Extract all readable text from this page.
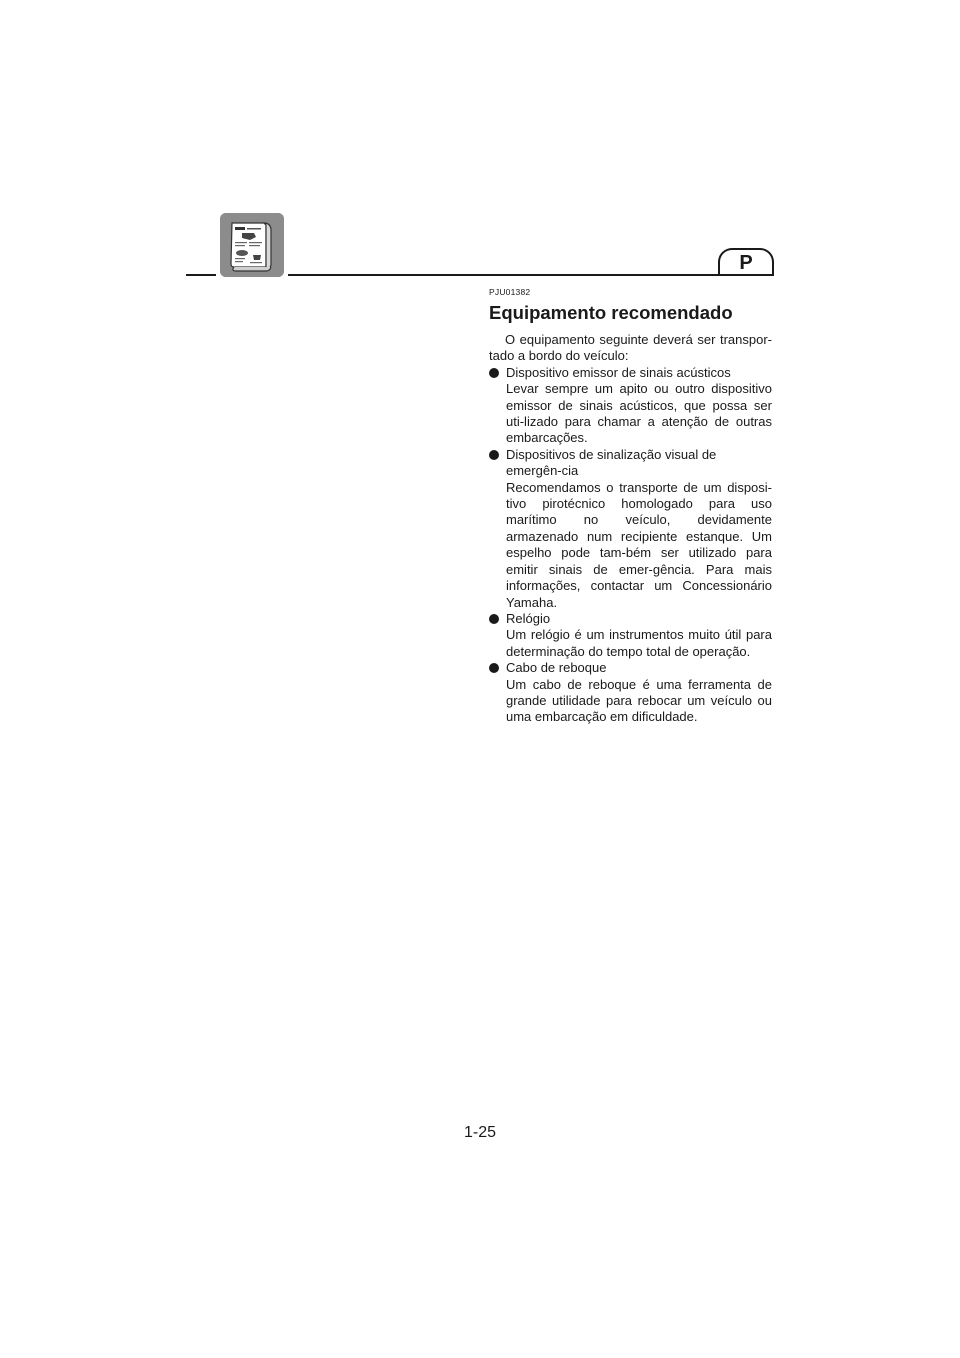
P
PJU01382
Equipamento recomendado
O equipamento seguinte deverá ser transpor-tado a bordo do veículo:
Dispositivo emissor de sinais acústicos
Levar sempre um apito ou outro dispositivo emissor de sinais acústicos, que possa ser uti-lizado para chamar a atenção de outras embarcações.
Dispositivos de sinalização visual de emergên-cia
Recomendamos o transporte de um disposi-tivo pirotécnico homologado para uso marítimo no veículo, devidamente armazenado num recipiente estanque. Um espelho pode tam-bém ser utilizado para emitir sinais de emer-gência. Para mais informações, contactar um Concessionário Yamaha.
Relógio
Um relógio é um instrumentos muito útil para determinação do tempo total de operação.
Cabo de reboque
Um cabo de reboque é uma ferramenta de grande utilidade para rebocar um veículo ou uma embarcação em dificuldade.
1-25
